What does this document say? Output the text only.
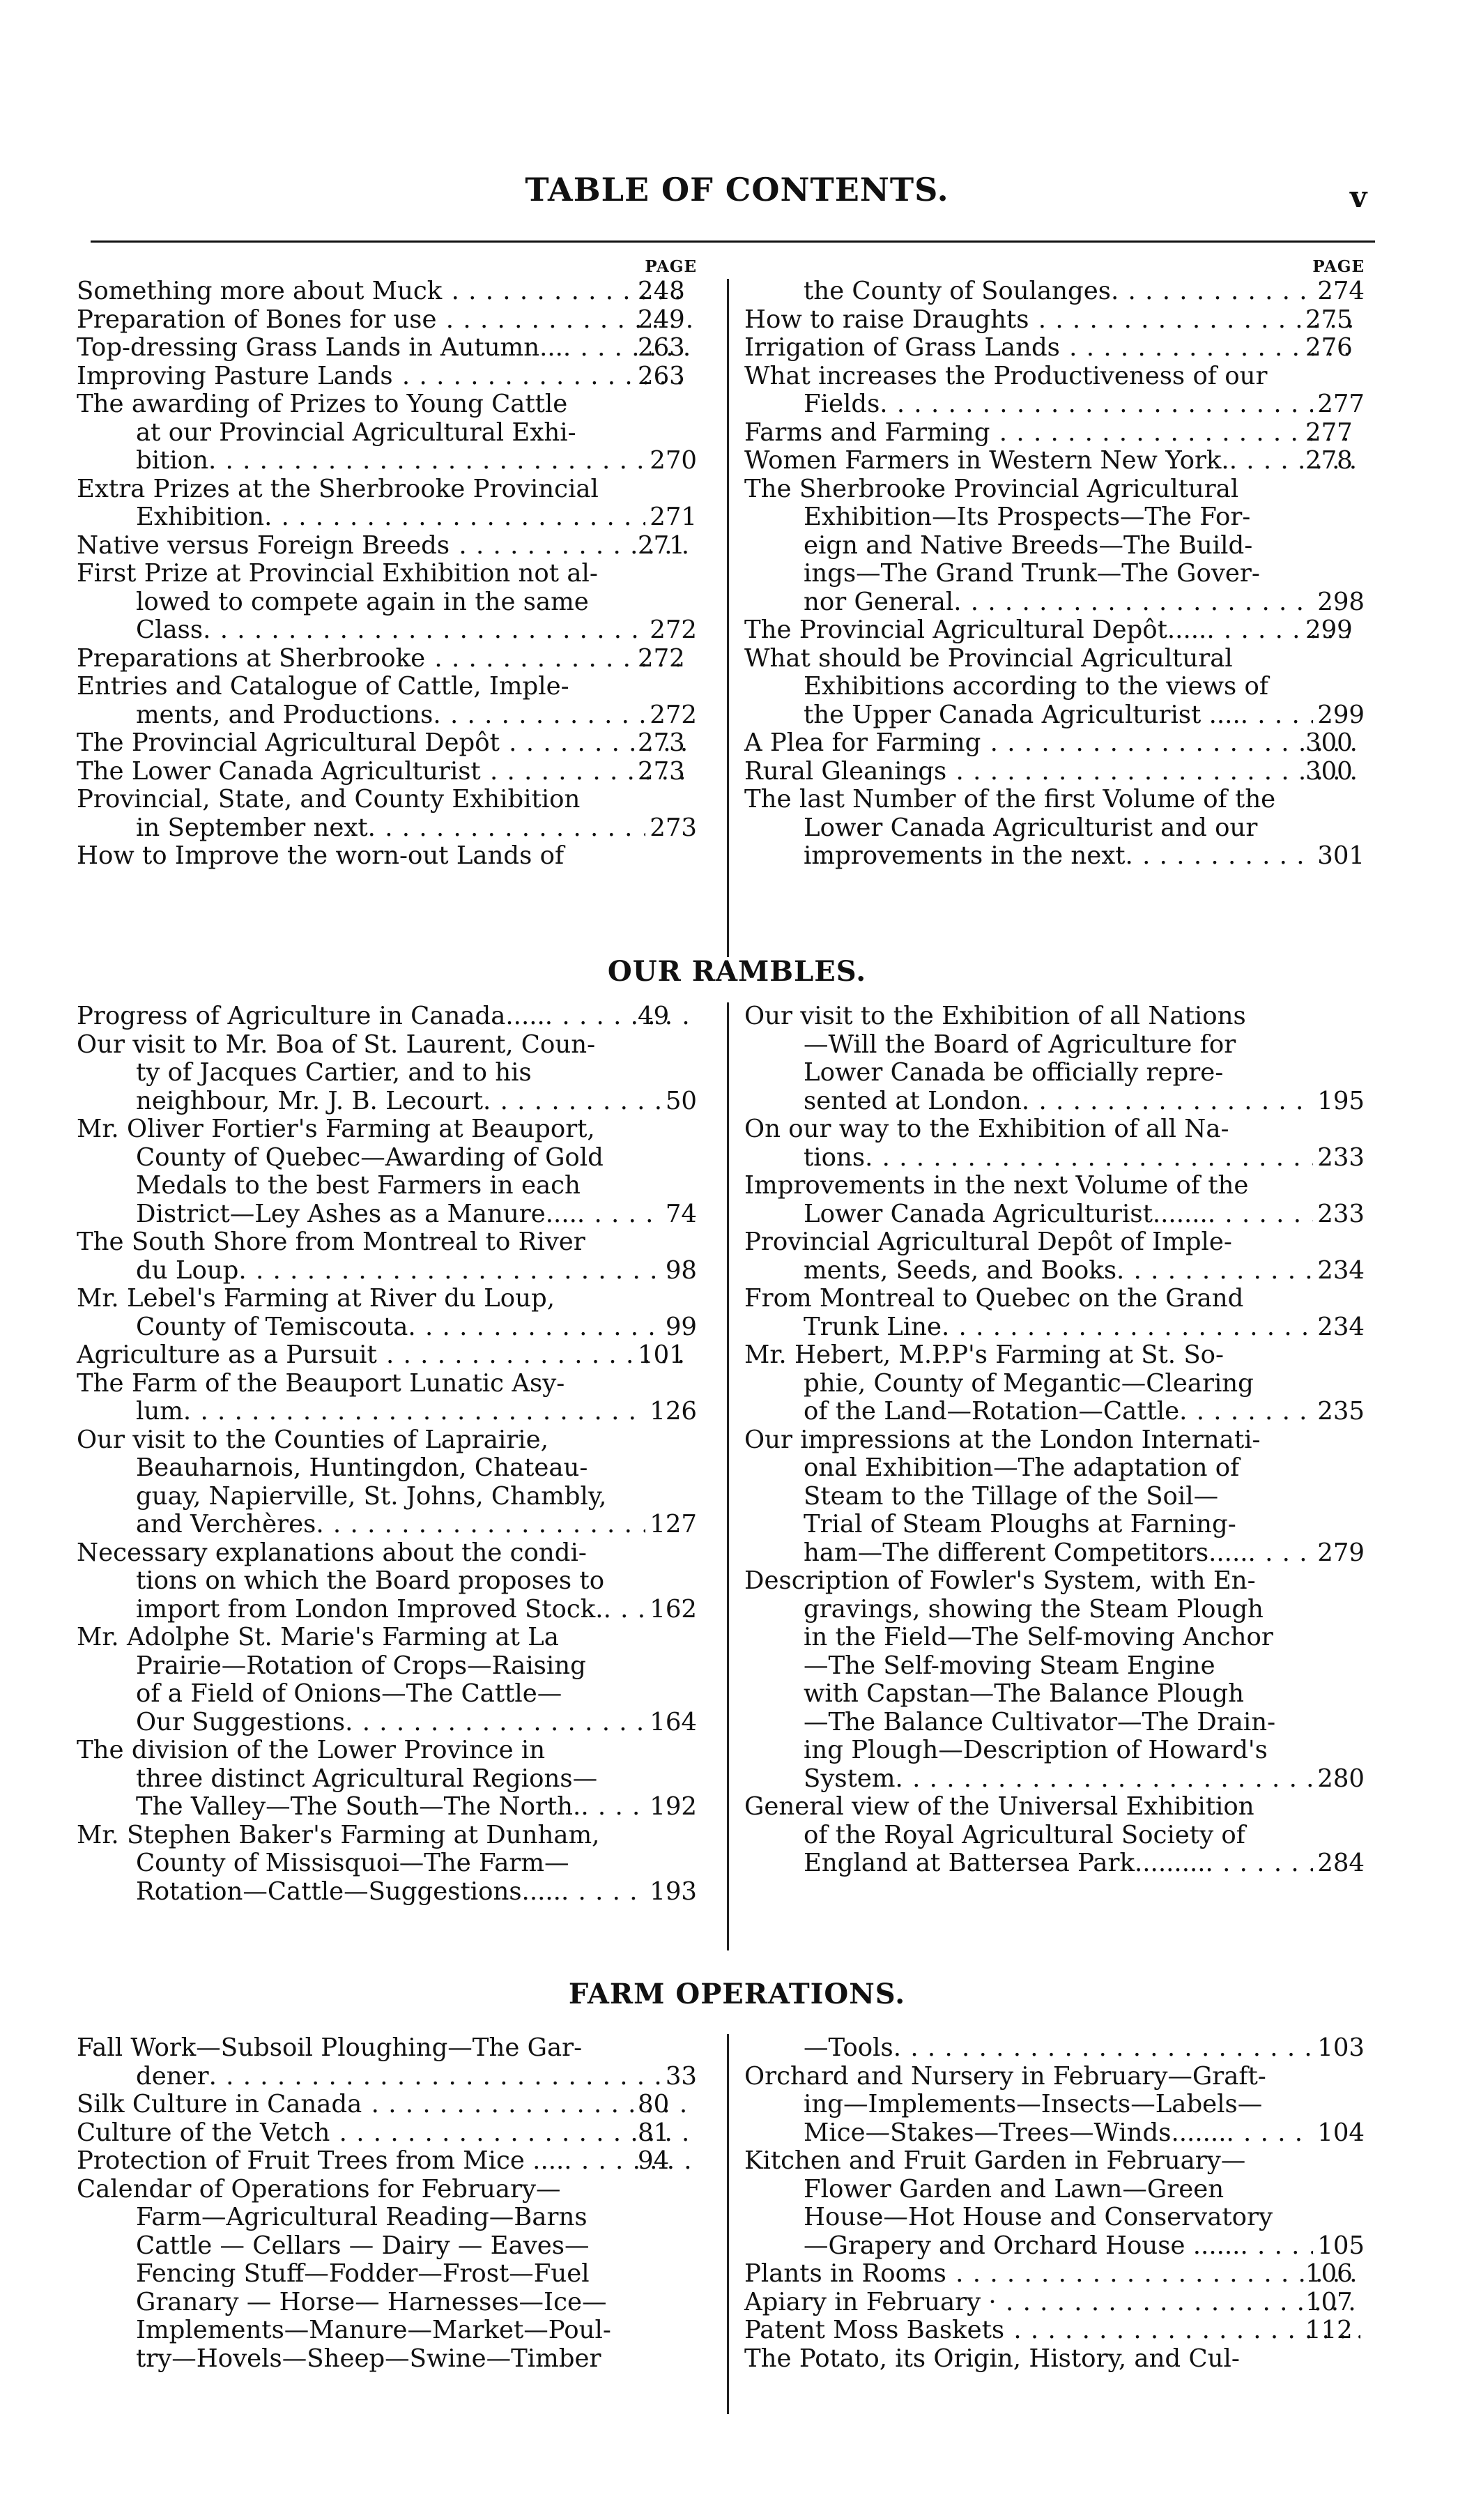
TABLE OF CONTENTS.	v
PAGE
Something more about Muck . . .	248
Preparation of Bones for use . . .	249
Top-dressing Grass Lands in Autumn.... . . .	263
Improving Pasture Lands . . .	263
The awarding of Prizes to Young Cattle
at our Provincial Agricultural Exhi-
bition . . .	270
Extra Prizes at the Sherbrooke Provincial
Exhibition . . .	271
Native versus Foreign Breeds . . .	271
First Prize at Provincial Exhibition not al-
lowed to compete again in the same
Class . . .	272
Preparations at Sherbrooke . . .	272
Entries and Catalogue of Cattle, Imple-
ments, and Productions . . .	272
The Provincial Agricultural Depôt . . .	273
The Lower Canada Agriculturist . . .	273
Provincial, State, and County Exhibition
in September next . . .	273
How to Improve the worn-out Lands of
PAGE
the County of Soulanges . . .	274
How to raise Draughts . . .	275
Irrigation of Grass Lands . . .	276
What increases the Productiveness of our
Fields . . .	277
Farms and Farming . . .	277
Women Farmers in Western New York.. . . .	278
The Sherbrooke Provincial Agricultural
Exhibition—Its Prospects—The For-
eign and Native Breeds—The Build-
ings—The Grand Trunk—The Gover-
nor General . . .	298
The Provincial Agricultural Depôt...... . . .	299
What should be Provincial Agricultural
Exhibitions according to the views of
the Upper Canada Agriculturist .... . . .	299
A Plea for Farming . . .	300
Rural Gleanings . . .	300
The last Number of the first Volume of the
Lower Canada Agriculturist and our
improvements in the next . . .	301
OUR RAMBLES.
Progress of Agriculture in Canada...... . . .	49
Our visit to Mr. Boa of St. Laurent, Coun-
ty of Jacques Cartier, and to his
neighbour, Mr. J. B. Lecourt . . .	50
Mr. Oliver Fortier's Farming at Beauport,
County of Quebec—Awarding of Gold
Medals to the best Farmers in each
District—Ley Ashes as a Manure.... . . .	74
The South Shore from Montreal to River
du Loup . . .	98
Mr. Lebel's Farming at River du Loup,
County of Temiscouta . . .	99
Agriculture as a Pursuit . . .	101
The Farm of the Beauport Lunatic Asy-
lum . . .	126
Our visit to the Counties of Laprairie,
Beauharnois, Huntingdon, Chateau-
guay, Napierville, St. Johns, Chambly,
and Verchères . . .	127
Necessary explanations about the condi-
tions on which the Board proposes to
import from London Improved Stock. . . . 162
Mr. Adolphe St. Marie's Farming at La
Prairie—Rotation of Crops—Raising
of a Field of Onions—The Cattle—
Our Suggestions . . .	164
The division of the Lower Province in
three distinct Agricultural Regions—
The Valley—The South—The North. . . .	192
Mr. Stephen Baker's Farming at Dunham,
County of Missisquoi—The Farm—
Rotation—Cattle—Suggestions..... . . .	193
Our visit to the Exhibition of all Nations
—Will the Board of Agriculture for
Lower Canada be officially repre-
sented at London . . .	195
On our way to the Exhibition of all Na-
tions . . .	233
Improvements in the next Volume of the
Lower Canada Agriculturist....... . . .	233
Provincial Agricultural Depôt of Imple-
ments, Seeds, and Books . . .	234
From Montreal to Quebec on the Grand
Trunk Line . . .	234
Mr. Hebert, M.P.P's Farming at St. So-
phie, County of Megantic—Clearing
of the Land—Rotation—Cattle . . .	235
Our impressions at the London Internati-
onal Exhibition—The adaptation of
Steam to the Tillage of the Soil—
Trial of Steam Ploughs at Farning-
ham—The different Competitors..... . . .	279
Description of Fowler's System, with En-
gravings, showing the Steam Plough
in the Field—The Self-moving Anchor
—The Self-moving Steam Engine
with Capstan—The Balance Plough
—The Balance Cultivator—The Drain-
ing Plough—Description of Howard's
System . . .	280
General view of the Universal Exhibition
of the Royal Agricultural Society of
England at Battersea Park......... . . .	284
FARM OPERATIONS.
Fall Work—Subsoil Ploughing—The Gar-
dener . . .	33
Silk Culture in Canada . . .	80
Culture of the Vetch . . .	81
Protection of Fruit Trees from Mice ..... . . .	94
Calendar of Operations for February—
Farm—Agricultural Reading—Barns
Cattle — Cellars — Dairy — Eaves—
Fencing Stuff—Fodder—Frost—Fuel
Granary — Horse— Harnesses—Ice—
Implements—Manure—Market—Poul-
try—Hovels—Sheep—Swine—Timber
—Tools . . .	103
Orchard and Nursery in February—Graft-
ing—Implements—Insects—Labels—
Mice—Stakes—Trees—Winds....... . . .	104
Kitchen and Fruit Garden in February—
Flower Garden and Lawn—Green
House—Hot House and Conservatory
—Grapery and Orchard House ...... . . .	105
Plants in Rooms . . .	106
Apiary in February · . . .	107
Patent Moss Baskets . . .	112
The Potato, its Origin, History, and Cul-
